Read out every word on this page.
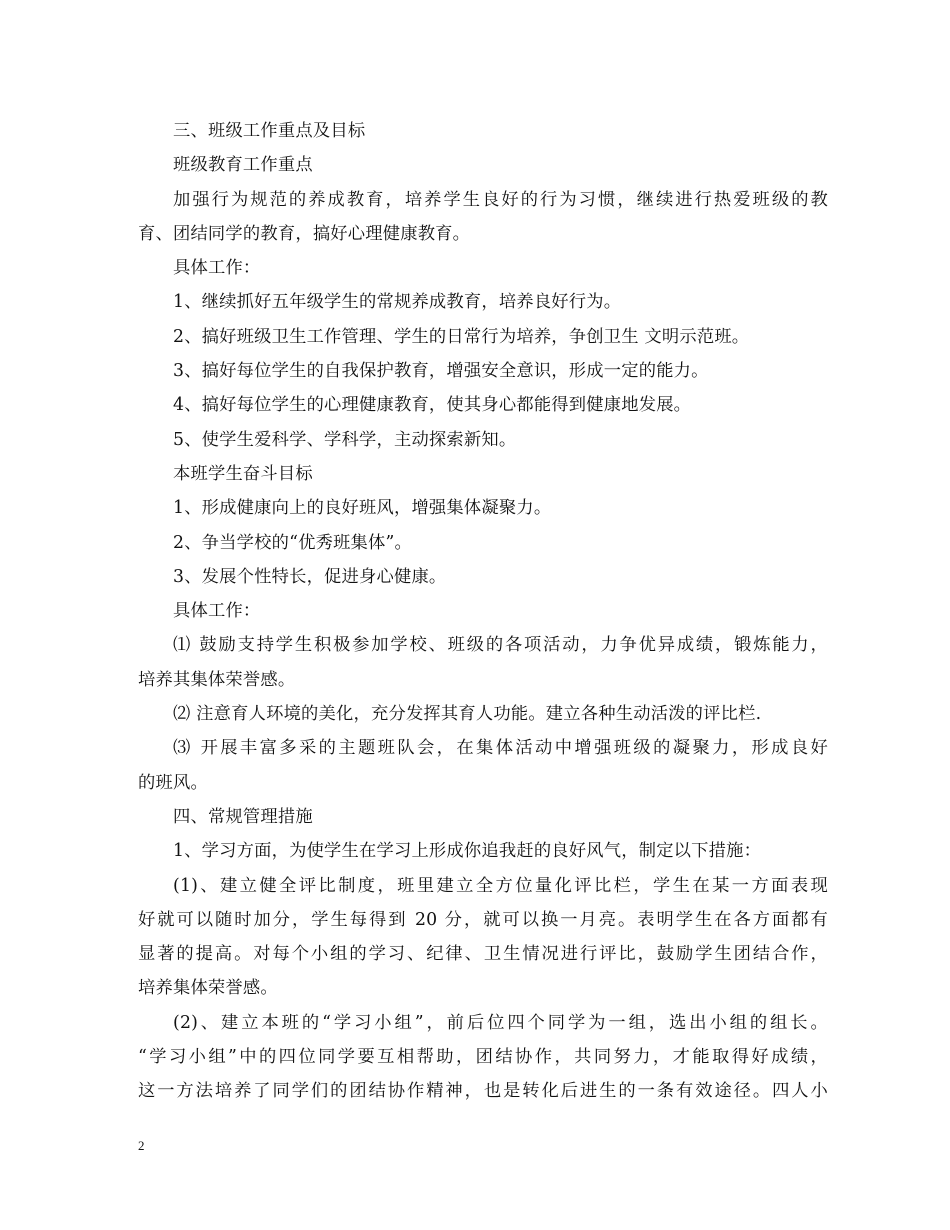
三、班级工作重点及目标
班级教育工作重点
加强行为规范的养成教育，培养学生良好的行为习惯，继续进行热爱班级的教
育、团结同学的教育，搞好心理健康教育。
具体工作：
1、继续抓好五年级学生的常规养成教育，培养良好行为。
2、搞好班级卫生工作管理、学生的日常行为培养，争创卫生 文明示范班。
3、搞好每位学生的自我保护教育，增强安全意识，形成一定的能力。
4、搞好每位学生的心理健康教育，使其身心都能得到健康地发展。
5、使学生爱科学、学科学，主动探索新知。
本班学生奋斗目标
1、形成健康向上的良好班风，增强集体凝聚力。
2、争当学校的“优秀班集体”。
3、发展个性特长，促进身心健康。
具体工作：
⑴ 鼓励支持学生积极参加学校、班级的各项活动，力争优异成绩，锻炼能力，
培养其集体荣誉感。
⑵ 注意育人环境的美化，充分发挥其育人功能。建立各种生动活泼的评比栏.
⑶ 开展丰富多采的主题班队会，在集体活动中增强班级的凝聚力，形成良好
的班风。
四、常规管理措施
1、学习方面，为使学生在学习上形成你追我赶的良好风气，制定以下措施：
(1)、建立健全评比制度，班里建立全方位量化评比栏，学生在某一方面表现
好就可以随时加分，学生每得到 20 分，就可以换一月亮。表明学生在各方面都有
显著的提高。对每个小组的学习、纪律、卫生情况进行评比，鼓励学生团结合作，
培养集体荣誉感。
(2)、建立本班的“学习小组”，前后位四个同学为一组，选出小组的组长。
“学习小组”中的四位同学要互相帮助，团结协作，共同努力，才能取得好成绩，
这一方法培养了同学们的团结协作精神，也是转化后进生的一条有效途径。四人小
2
